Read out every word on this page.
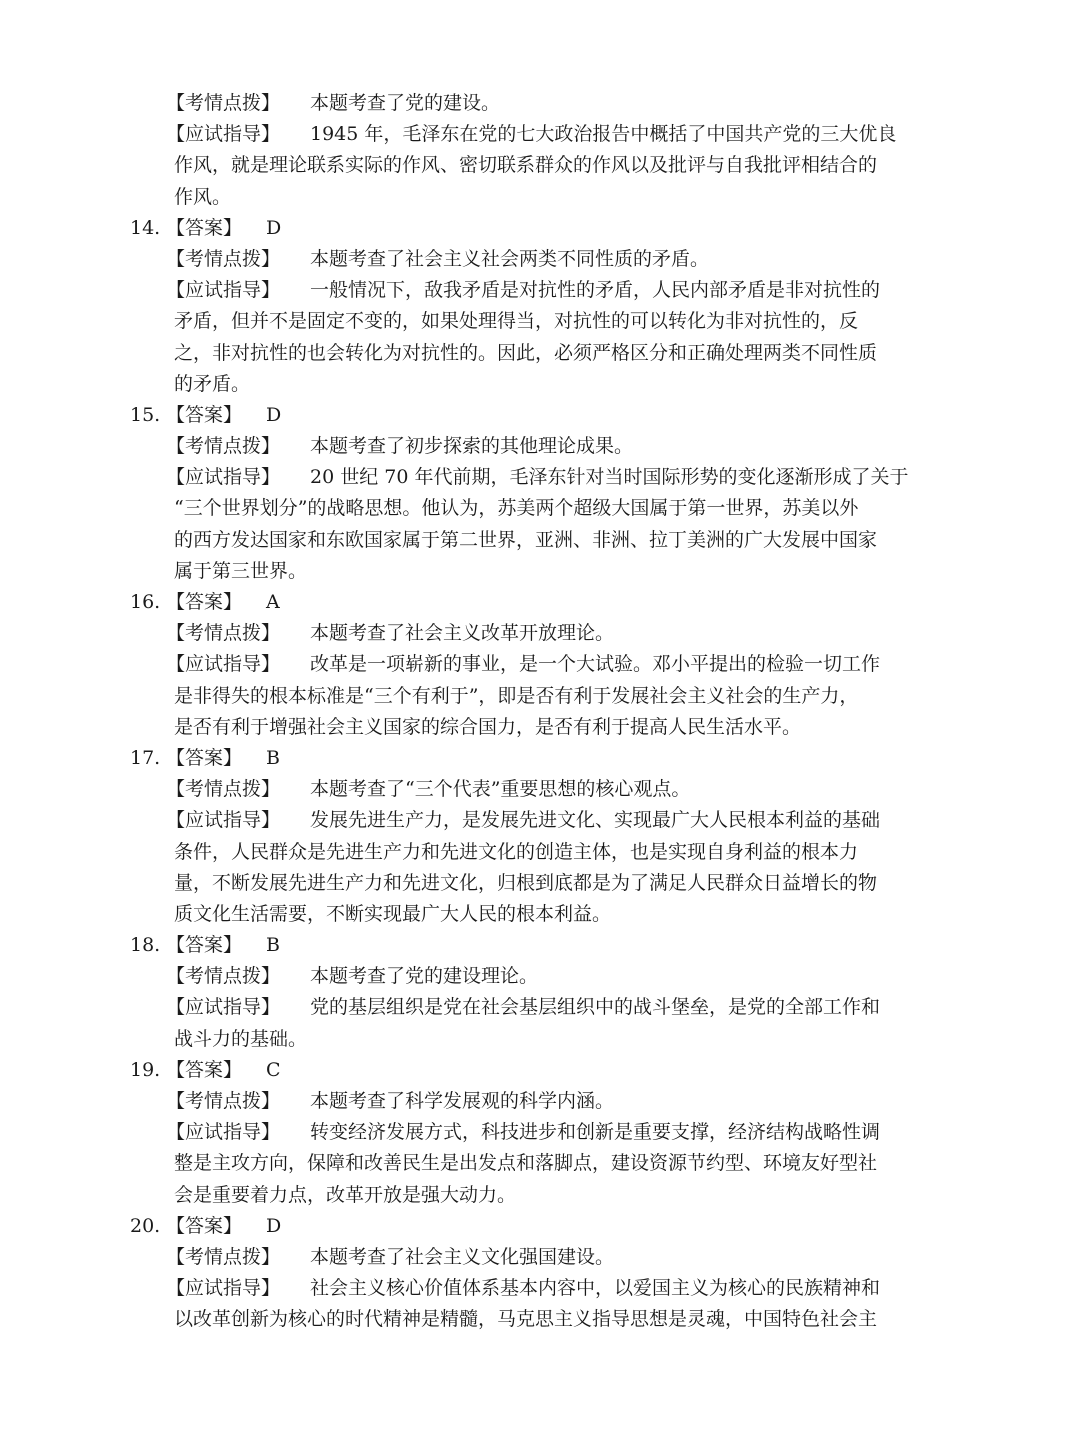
【考情点拨】 本题考查了党的建设。
【应试指导】 1945 年，毛泽东在党的七大政治报告中概括了中国共产党的三大优良
作风，就是理论联系实际的作风、密切联系群众的作风以及批评与自我批评相结合的
作风。
14. 【答案】 D
【考情点拨】 本题考查了社会主义社会两类不同性质的矛盾。
【应试指导】 一般情况下，敌我矛盾是对抗性的矛盾，人民内部矛盾是非对抗性的
矛盾，但并不是固定不变的，如果处理得当，对抗性的可以转化为非对抗性的，反
之，非对抗性的也会转化为对抗性的。因此，必须严格区分和正确处理两类不同性质
的矛盾。
15. 【答案】 D
【考情点拨】 本题考查了初步探索的其他理论成果。
【应试指导】 20 世纪 70 年代前期，毛泽东针对当时国际形势的变化逐渐形成了关于
“三个世界划分”的战略思想。他认为，苏美两个超级大国属于第一世界，苏美以外
的西方发达国家和东欧国家属于第二世界，亚洲、非洲、拉丁美洲的广大发展中国家
属于第三世界。
16. 【答案】 A
【考情点拨】 本题考查了社会主义改革开放理论。
【应试指导】 改革是一项崭新的事业，是一个大试验。邓小平提出的检验一切工作
是非得失的根本标准是“三个有利于”，即是否有利于发展社会主义社会的生产力，
是否有利于增强社会主义国家的综合国力，是否有利于提高人民生活水平。
17. 【答案】 B
【考情点拨】 本题考查了“三个代表”重要思想的核心观点。
【应试指导】 发展先进生产力，是发展先进文化、实现最广大人民根本利益的基础
条件，人民群众是先进生产力和先进文化的创造主体，也是实现自身利益的根本力
量，不断发展先进生产力和先进文化，归根到底都是为了满足人民群众日益增长的物
质文化生活需要，不断实现最广大人民的根本利益。
18. 【答案】 B
【考情点拨】 本题考查了党的建设理论。
【应试指导】 党的基层组织是党在社会基层组织中的战斗堡垒，是党的全部工作和
战斗力的基础。
19. 【答案】 C
【考情点拨】 本题考查了科学发展观的科学内涵。
【应试指导】 转变经济发展方式，科技进步和创新是重要支撑，经济结构战略性调
整是主攻方向，保障和改善民生是出发点和落脚点，建设资源节约型、环境友好型社
会是重要着力点，改革开放是强大动力。
20. 【答案】 D
【考情点拨】 本题考查了社会主义文化强国建设。
【应试指导】 社会主义核心价值体系基本内容中，以爱国主义为核心的民族精神和
以改革创新为核心的时代精神是精髓，马克思主义指导思想是灵魂，中国特色社会主
